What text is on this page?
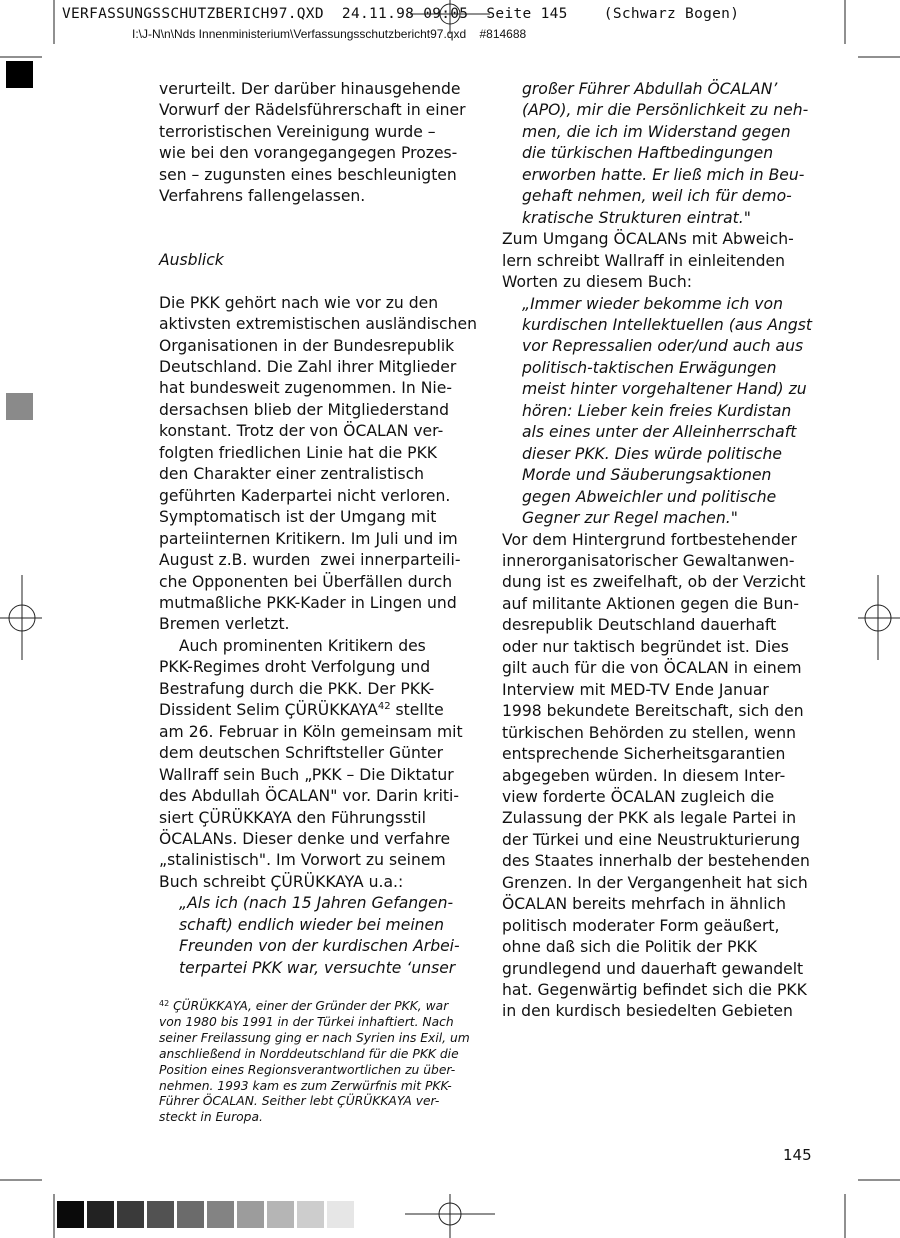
VERFASSUNGSSCHUTZBERICH97.QXD  24.11.98 09:05  Seite 145    (Schwarz Bogen)
I:\J-N\n\Nds Innenministerium\Verfassungsschutzbericht97.qxd    #814688

verurteilt. Der darüber hinausgehende

Vorwurf der Rädelsführerschaft in einer

terroristischen Vereinigung wurde –

wie bei den vorangegangegen Prozes-

sen – zugunsten eines beschleunigten

Verfahrens fallengelassen.

Ausblick

Die PKK gehört nach wie vor zu den

aktivsten extremistischen ausländischen

Organisationen in der Bundesrepublik

Deutschland. Die Zahl ihrer Mitglieder

hat bundesweit zugenommen. In Nie-

dersachsen blieb der Mitgliederstand

konstant. Trotz der von ÖCALAN ver-

folgten friedlichen Linie hat die PKK

den Charakter einer zentralistisch

geführten Kaderpartei nicht verloren.

Symptomatisch ist der Umgang mit

parteiinternen Kritikern. Im Juli und im

August z.B. wurden  zwei innerparteili-

che Opponenten bei Überfällen durch

mutmaßliche PKK-Kader in Lingen und

Bremen verletzt.

Auch prominenten Kritikern des

PKK-Regimes droht Verfolgung und

Bestrafung durch die PKK. Der PKK-

Dissident Selim ÇÜRÜKKAYA$^{42}$ stellte

am 26. Februar in Köln gemeinsam mit

dem deutschen Schriftsteller Günter

Wallraff sein Buch „PKK – Die Diktatur

des Abdullah ÖCALAN" vor. Darin kriti-

siert ÇÜRÜKKAYA den Führungsstil

ÖCALANs. Dieser denke und verfahre

„stalinistisch". Im Vorwort zu seinem

Buch schreibt ÇÜRÜKKAYA u.a.:

„Als ich (nach 15 Jahren Gefangen-

schaft) endlich wieder bei meinen

Freunden von der kurdischen Arbei-

terpartei PKK war, versuchte ‘unser

großer Führer Abdullah ÖCALAN’

(APO), mir die Persönlichkeit zu neh-

men, die ich im Widerstand gegen

die türkischen Haftbedingungen

erworben hatte. Er ließ mich in Beu-

gehaft nehmen, weil ich für demo-

kratische Strukturen eintrat."

Zum Umgang ÖCALANs mit Abweich-

lern schreibt Wallraff in einleitenden

Worten zu diesem Buch:

„Immer wieder bekomme ich von

kurdischen Intellektuellen (aus Angst

vor Repressalien oder/und auch aus

politisch-taktischen Erwägungen

meist hinter vorgehaltener Hand) zu

hören: Lieber kein freies Kurdistan

als eines unter der Alleinherrschaft

dieser PKK. Dies würde politische

Morde und Säuberungsaktionen

gegen Abweichler und politische

Gegner zur Regel machen."

Vor dem Hintergrund fortbestehender

innerorganisatorischer Gewaltanwen-

dung ist es zweifelhaft, ob der Verzicht

auf militante Aktionen gegen die Bun-

desrepublik Deutschland dauerhaft

oder nur taktisch begründet ist. Dies

gilt auch für die von ÖCALAN in einem

Interview mit MED-TV Ende Januar

1998 bekundete Bereitschaft, sich den

türkischen Behörden zu stellen, wenn

entsprechende Sicherheitsgarantien

abgegeben würden. In diesem Inter-

view forderte ÖCALAN zugleich die

Zulassung der PKK als legale Partei in

der Türkei und eine Neustrukturierung

des Staates innerhalb der bestehenden

Grenzen. In der Vergangenheit hat sich

ÖCALAN bereits mehrfach in ähnlich

politisch moderater Form geäußert,

ohne daß sich die Politik der PKK

grundlegend und dauerhaft gewandelt

hat. Gegenwärtig befindet sich die PKK

in den kurdisch besiedelten Gebieten

$^{42}$ ÇÜRÜKKAYA, einer der Gründer der PKK, war

von 1980 bis 1991 in der Türkei inhaftiert. Nach

seiner Freilassung ging er nach Syrien ins Exil, um

anschließend in Norddeutschland für die PKK die

Position eines Regionsverantwortlichen zu über-

nehmen. 1993 kam es zum Zerwürfnis mit PKK-

Führer ÖCALAN. Seither lebt ÇÜRÜKKAYA ver-

steckt in Europa.

145
